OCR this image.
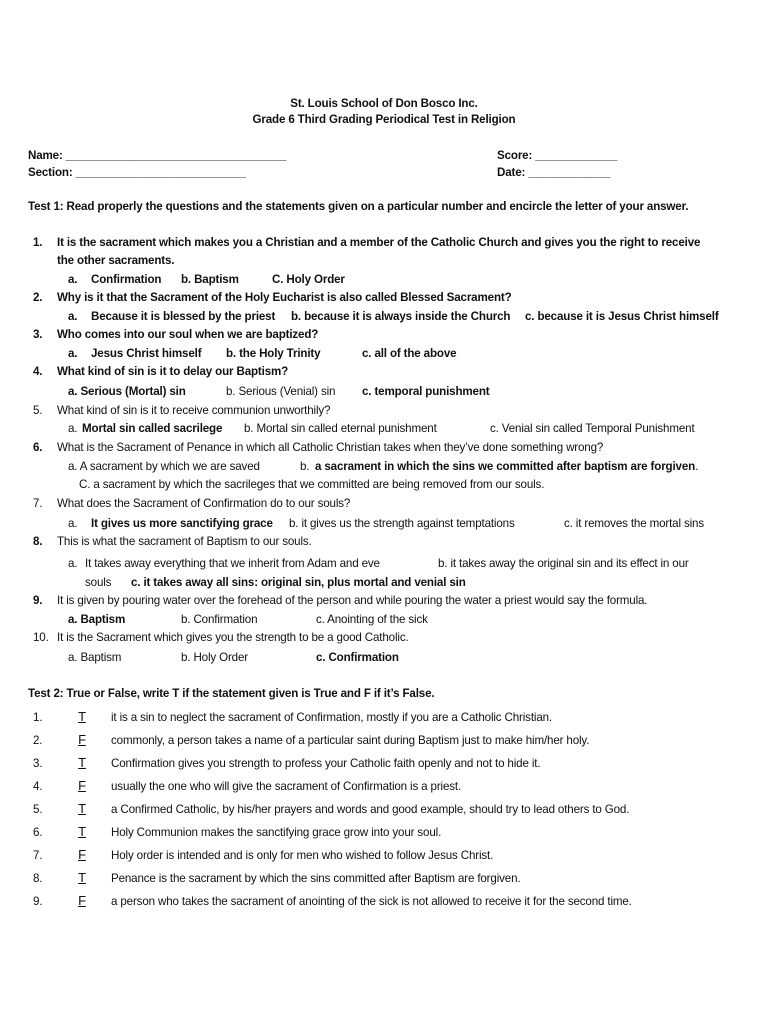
St. Louis School of Don Bosco Inc.
Grade 6 Third Grading Periodical Test in Religion
Name: ___________________________________	Score: _____________
Section: ___________________________	Date: _____________
Test 1: Read properly the questions and the statements given on a particular number and encircle the letter of your answer.
1. It is the sacrament which makes you a Christian and a member of the Catholic Church and gives you the right to receive
the other sacraments.
a. Confirmation b. Baptism	C. Holy Order
2. Why is it that the Sacrament of the Holy Eucharist is also called Blessed Sacrament?
a. Because it is blessed by the priest b. because it is always inside the Church c. because it is Jesus Christ himself
3. Who comes into our soul when we are baptized?
a. Jesus Christ himself b. the Holy Trinity	c. all of the above
4. What kind of sin is it to delay our Baptism?
a. Serious (Mortal) sin	b. Serious (Venial) sin c. temporal punishment
5. What kind of sin is it to receive communion unworthily?
a. Mortal sin called sacrilege b. Mortal sin called eternal punishment	c. Venial sin called Temporal Punishment
6. What is the Sacrament of Penance in which all Catholic Christian takes when they’ve done something wrong?
a. A sacrament by which we are saved	b. a sacrament in which the sins we committed after baptism are forgiven.
C. a sacrament by which the sacrileges that we committed are being removed from our souls.
7. What does the Sacrament of Confirmation do to our souls?
a. It gives us more sanctifying grace b. it gives us the strength against temptations	c. it removes the mortal sins
8. This is what the sacrament of Baptism to our souls.
a. It takes away everything that we inherit from Adam and eve	b. it takes away the original sin and its effect in our
souls c. it takes away all sins: original sin, plus mortal and venial sin
9. It is given by pouring water over the forehead of the person and while pouring the water a priest would say the formula.
a. Baptism	b. Confirmation	c. Anointing of the sick
10. It is the Sacrament which gives you the strength to be a good Catholic.
a. Baptism	b. Holy Order	c. Confirmation
Test 2: True or False, write T if the statement given is True and F if it’s False.
1.	T it is a sin to neglect the sacrament of Confirmation, mostly if you are a Catholic Christian.
2.	F commonly, a person takes a name of a particular saint during Baptism just to make him/her holy.
3.	T Confirmation gives you strength to profess your Catholic faith openly and not to hide it.
4.	F usually the one who will give the sacrament of Confirmation is a priest.
5.	T a Confirmed Catholic, by his/her prayers and words and good example, should try to lead others to God.
6.	T Holy Communion makes the sanctifying grace grow into your soul.
7.	F Holy order is intended and is only for men who wished to follow Jesus Christ.
8.	T Penance is the sacrament by which the sins committed after Baptism are forgiven.
9.	F a person who takes the sacrament of anointing of the sick is not allowed to receive it for the second time.
